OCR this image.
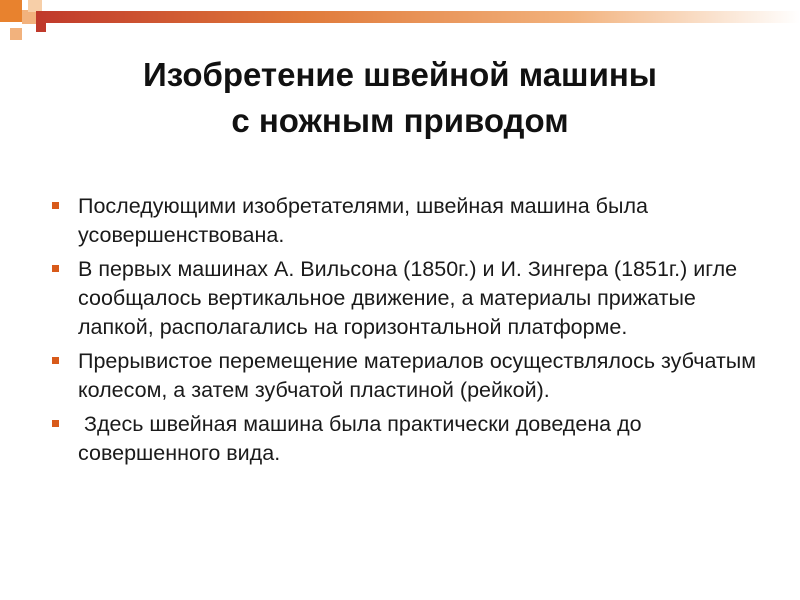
Изобретение швейной машины
с ножным приводом
Последующими изобретателями, швейная машина была усовершенствована.
В первых машинах А. Вильсона (1850г.) и И. Зингера (1851г.) игле сообщалось вертикальное движение, а материалы прижатые лапкой, располагались на горизонтальной платформе.
Прерывистое перемещение материалов осуществлялось зубчатым колесом, а затем зубчатой пластиной (рейкой).
Здесь швейная машина была практически доведена до совершенного вида.
